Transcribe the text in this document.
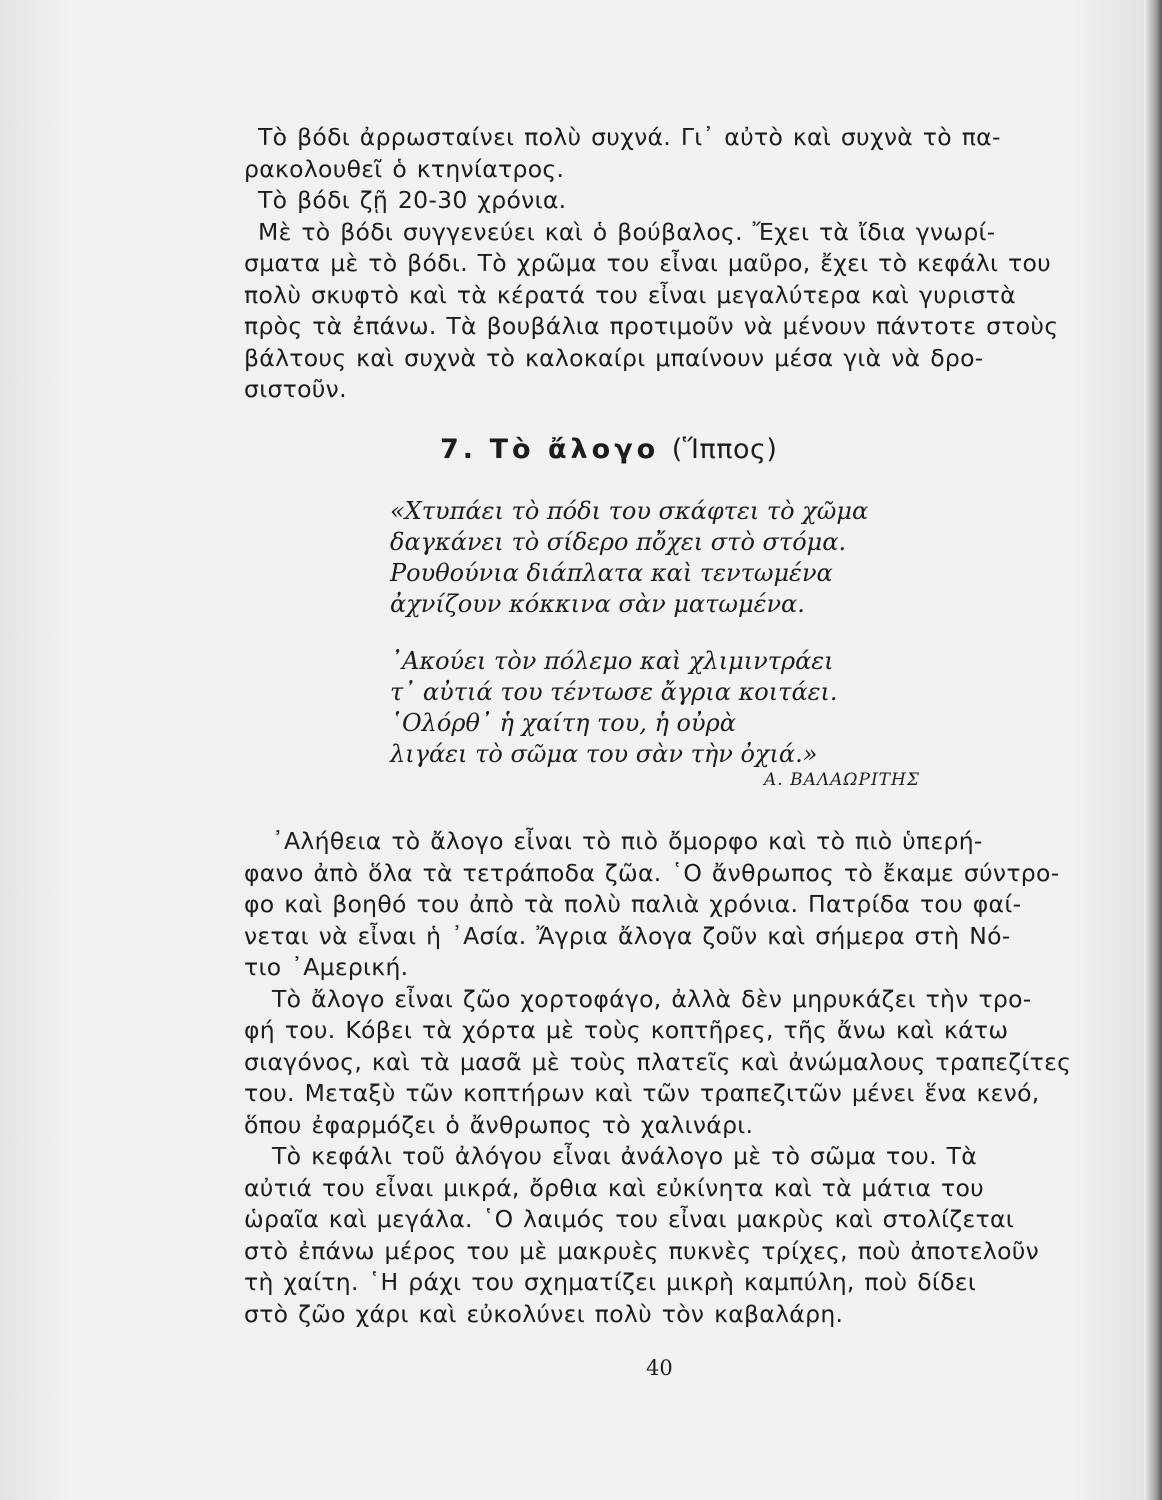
Τὸ βόδι ἀρρωσταίνει πολὺ συχνά. Γι᾿ αὐτὸ καὶ συχνὰ τὸ πα-
ρακολουθεῖ ὁ κτηνίατρος.
Τὸ βόδι ζῇ 20-30 χρόνια.
Μὲ τὸ βόδι συγγενεύει καὶ ὁ βούβαλος. Ἔχει τὰ ἴδια γνωρί-
σματα μὲ τὸ βόδι. Τὸ χρῶμα του εἶναι μαῦρο, ἔχει τὸ κεφάλι του
πολὺ σκυφτὸ καὶ τὰ κέρατά του εἶναι μεγαλύτερα καὶ γυριστὰ
πρὸς τὰ ἐπάνω. Τὰ βουβάλια προτιμοῦν νὰ μένουν πάντοτε στοὺς
βάλτους καὶ συχνὰ τὸ καλοκαίρι μπαίνουν μέσα γιὰ νὰ δρο-
σιστοῦν.
7. Τὸ ἄλογο (Ἵππος)
«Χτυπάει τὸ πόδι του σκάφτει τὸ χῶμα
δαγκάνει τὸ σίδερο πὄχει στὸ στόμα.
Ρουθούνια διάπλατα καὶ τεντωμένα
ἀχνίζουν κόκκινα σὰν ματωμένα.
᾿Ακούει τὸν πόλεμο καὶ χλιμιντράει
τ᾿ αὐτιά του τέντωσε ἄγρια κοιτάει.
῾Ολόρθ᾿ ἡ χαίτη του, ἡ οὐρὰ
λιγάει τὸ σῶμα του σὰν τὴν ὀχιά.»
Α. ΒΑΛΑΩΡΙΤΗΣ
᾿Αλήθεια τὸ ἄλογο εἶναι τὸ πιὸ ὄμορφο καὶ τὸ πιὸ ὑπερή-
φανο ἀπὸ ὅλα τὰ τετράποδα ζῶα. ῾Ο ἄνθρωπος τὸ ἔκαμε σύντρο-
φο καὶ βοηθό του ἀπὸ τὰ πολὺ παλιὰ χρόνια. Πατρίδα του φαί-
νεται νὰ εἶναι ἡ ᾿Ασία. Ἄγρια ἄλογα ζοῦν καὶ σήμερα στὴ Νό-
τιο ᾿Αμερική.
Τὸ ἄλογο εἶναι ζῶο χορτοφάγο, ἀλλὰ δὲν μηρυκάζει τὴν τρο-
φή του. Κόβει τὰ χόρτα μὲ τοὺς κοπτῆρες, τῆς ἄνω καὶ κάτω
σιαγόνος, καὶ τὰ μασᾶ μὲ τοὺς πλατεῖς καὶ ἀνώμαλους τραπεζίτες
του. Μεταξὺ τῶν κοπτήρων καὶ τῶν τραπεζιτῶν μένει ἕνα κενό,
ὅπου ἐφαρμόζει ὁ ἄνθρωπος τὸ χαλινάρι.
Τὸ κεφάλι τοῦ ἀλόγου εἶναι ἀνάλογο μὲ τὸ σῶμα του. Τὰ
αὐτιά του εἶναι μικρά, ὄρθια καὶ εὐκίνητα καὶ τὰ μάτια του
ὡραῖα καὶ μεγάλα. ῾Ο λαιμός του εἶναι μακρὺς καὶ στολίζεται
στὸ ἐπάνω μέρος του μὲ μακρυὲς πυκνὲς τρίχες, ποὺ ἀποτελοῦν
τὴ χαίτη. ῾Η ράχι του σχηματίζει μικρὴ καμπύλη, ποὺ δίδει
στὸ ζῶο χάρι καὶ εὐκολύνει πολὺ τὸν καβαλάρη.
40
